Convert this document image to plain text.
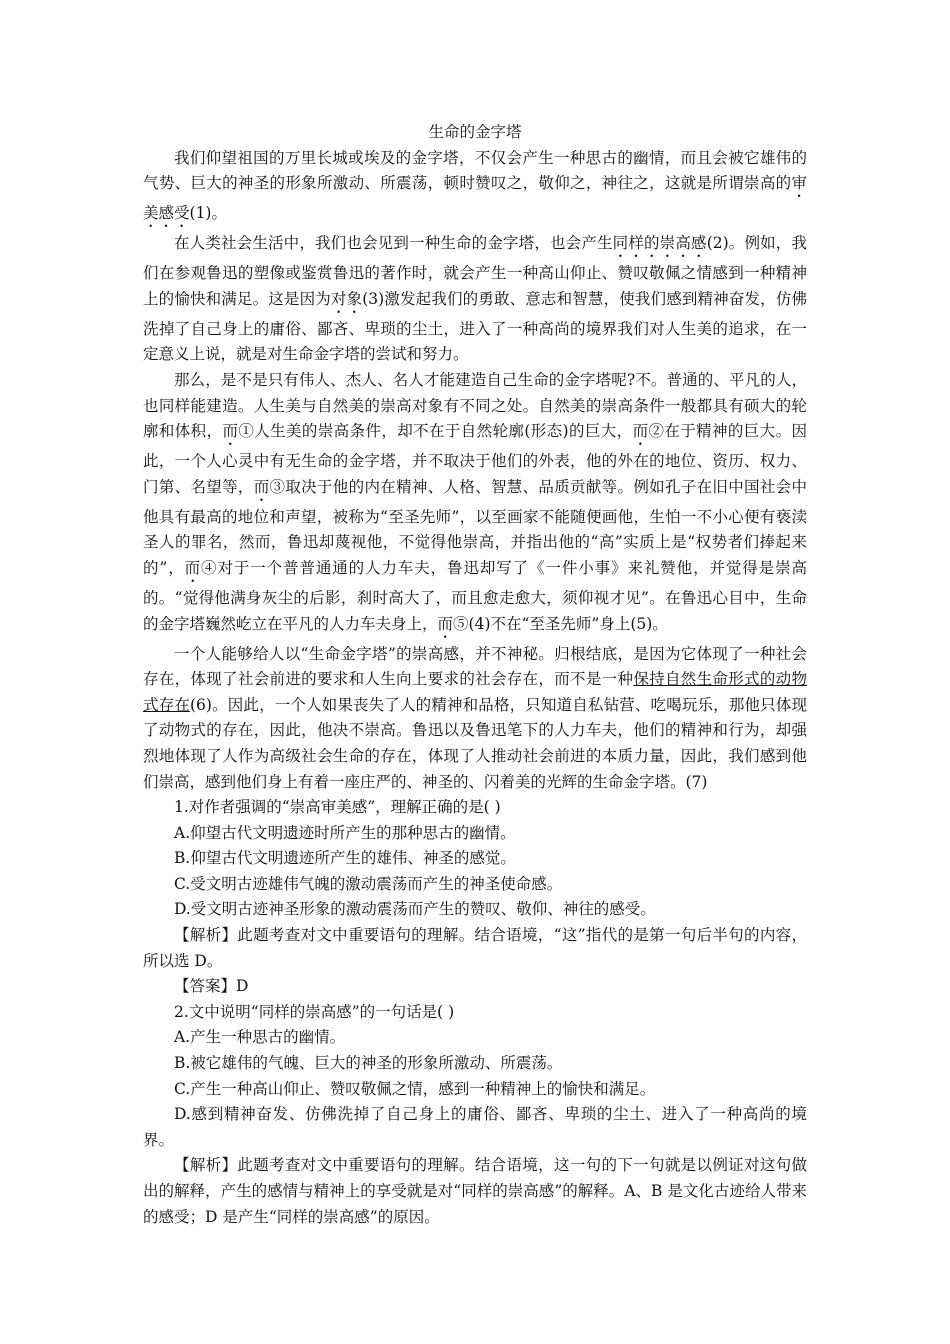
生命的金字塔

我们仰望祖国的万里长城或埃及的金字塔，不仅会产生一种思古的幽情，而且会被它雄伟的气势、巨大的神圣的形象所激动、所震荡，顿时赞叹之，敬仰之，神往之，这就是所谓崇高的审美感受(1)。

在人类社会生活中，我们也会见到一种生命的金字塔，也会产生同样的崇高感(2)。例如，我们在参观鲁迅的塑像或鉴赏鲁迅的著作时，就会产生一种高山仰止、赞叹敬佩之情感到一种精神上的愉快和满足。这是因为对象(3)激发起我们的勇敢、意志和智慧，使我们感到精神奋发，仿佛洗掉了自己身上的庸俗、鄙吝、卑琐的尘土，进入了一种高尚的境界我们对人生美的追求，在一定意义上说，就是对生命金字塔的尝试和努力。

那么，是不是只有伟人、杰人、名人才能建造自己生命的金字塔呢?不。普通的、平凡的人，也同样能建造。人生美与自然美的崇高对象有不同之处。自然美的崇高条件一般都具有硕大的轮廓和体积，而①人生美的崇高条件，却不在于自然轮廓(形态)的巨大，而②在于精神的巨大。因此，一个人心灵中有无生命的金字塔，并不取决于他们的外表，他的外在的地位、资历、权力、门第、名望等，而③取决于他的内在精神、人格、智慧、品质贡献等。例如孔子在旧中国社会中他具有最高的地位和声望，被称为“至圣先师”，以至画家不能随便画他，生怕一不小心便有亵渎圣人的罪名，然而，鲁迅却蔑视他，不觉得他崇高，并指出他的“高”实质上是“权势者们捧起来的”，而④对于一个普普通通的人力车夫，鲁迅却写了《一件小事》来礼赞他，并觉得是崇高的。“觉得他满身灰尘的后影，刹时高大了，而且愈走愈大，须仰视才见”。在鲁迅心目中，生命的金字塔巍然屹立在平凡的人力车夫身上，而⑤(4)不在“至圣先师”身上(5)。

一个人能够给人以“生命金字塔”的崇高感，并不神秘。归根结底，是因为它体现了一种社会存在，体现了社会前进的要求和人生向上要求的社会存在，而不是一种保持自然生命形式的动物式存在(6)。因此，一个人如果丧失了人的精神和品格，只知道自私钻营、吃喝玩乐，那他只体现了动物式的存在，因此，他决不崇高。鲁迅以及鲁迅笔下的人力车夫，他们的精神和行为，却强烈地体现了人作为高级社会生命的存在，体现了人推动社会前进的本质力量，因此，我们感到他们崇高，感到他们身上有着一座庄严的、神圣的、闪着美的光辉的生命金字塔。(7)

1.对作者强调的“崇高审美感”，理解正确的是( )

A.仰望古代文明遗迹时所产生的那种思古的幽情。

B.仰望古代文明遗迹所产生的雄伟、神圣的感觉。

C.受文明古迹雄伟气魄的激动震荡而产生的神圣使命感。

D.受文明古迹神圣形象的激动震荡而产生的赞叹、敬仰、神往的感受。

【解析】此题考查对文中重要语句的理解。结合语境，“这”指代的是第一句后半句的内容，所以选 D。

【答案】D

2.文中说明“同样的崇高感”的一句话是( )

A.产生一种思古的幽情。

B.被它雄伟的气魄、巨大的神圣的形象所激动、所震荡。

C.产生一种高山仰止、赞叹敬佩之情，感到一种精神上的愉快和满足。

D.感到精神奋发、仿佛洗掉了自己身上的庸俗、鄙吝、卑琐的尘土、进入了一种高尚的境界。

【解析】此题考查对文中重要语句的理解。结合语境，这一句的下一句就是以例证对这句做出的解释，产生的感情与精神上的享受就是对“同样的崇高感”的解释。A、B 是文化古迹给人带来的感受；D 是产生“同样的崇高感”的原因。
